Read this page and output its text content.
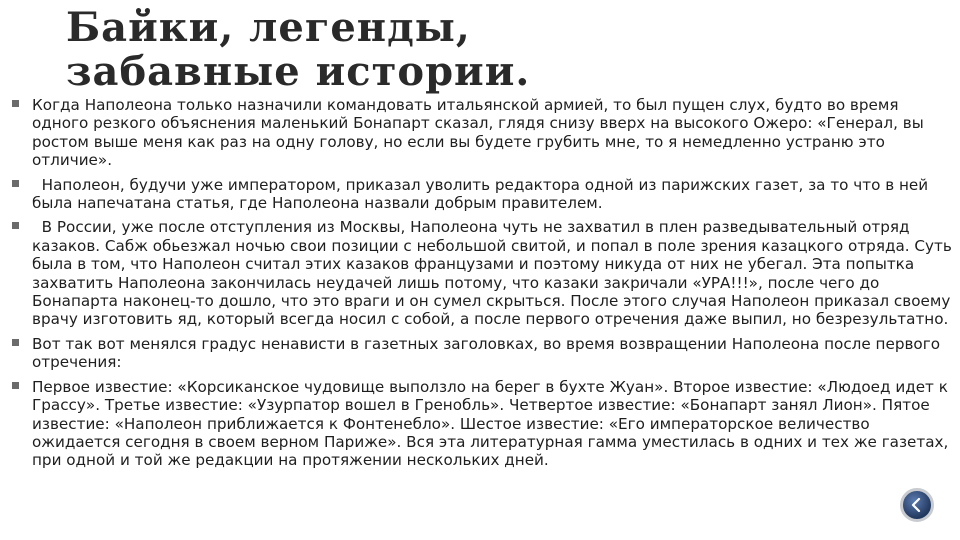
Байки, легенды, забавные истории.
Когда Наполеона только назначили командовать итальянской армией, то был пущен слух, будто во время одного резкого объяснения маленький Бонапарт сказал, глядя снизу вверх на высокого Ожеро: «Генерал, вы ростом выше меня как раз на одну голову, но если вы будете грубить мне, то я немедленно устраню это отличие».
Наполеон, будучи уже императором, приказал уволить редактора одной из парижских газет, за то что в ней была напечатана статья, где Наполеона назвали добрым правителем.
В России, уже после отступления из Москвы, Наполеона чуть не захватил в плен разведывательный отряд казаков. Сабж обьезжал ночью свои позиции с небольшой свитой, и попал в поле зрения казацкого отряда. Суть была в том, что Наполеон считал этих казаков французами и поэтому никуда от них не убегал. Эта попытка захватить Наполеона закончилась неудачей лишь потому, что казаки закричали «УРА!!!», после чего до Бонапарта наконец-то дошло, что это враги и он сумел скрыться. После этого случая Наполеон приказал своему врачу изготовить яд, который всегда носил с собой, а после первого отречения даже выпил, но безрезультатно.
Вот так вот менялся градус ненависти в газетных заголовках, во время возвращении Наполеона после первого отречения:
Первое известие: «Корсиканское чудовище выползло на берег в бухте Жуан». Второе известие: «Людоед идет к Грассу». Третье известие: «Узурпатор вошел в Гренобль». Четвертое известие: «Бонапарт занял Лион». Пятое известие: «Наполеон приближается к Фонтенебло». Шестое известие: «Его императорское величество ожидается сегодня в своем верном Париже». Вся эта литературная гамма уместилась в одних и тех же газетах, при одной и той же редакции на протяжении нескольких дней.
